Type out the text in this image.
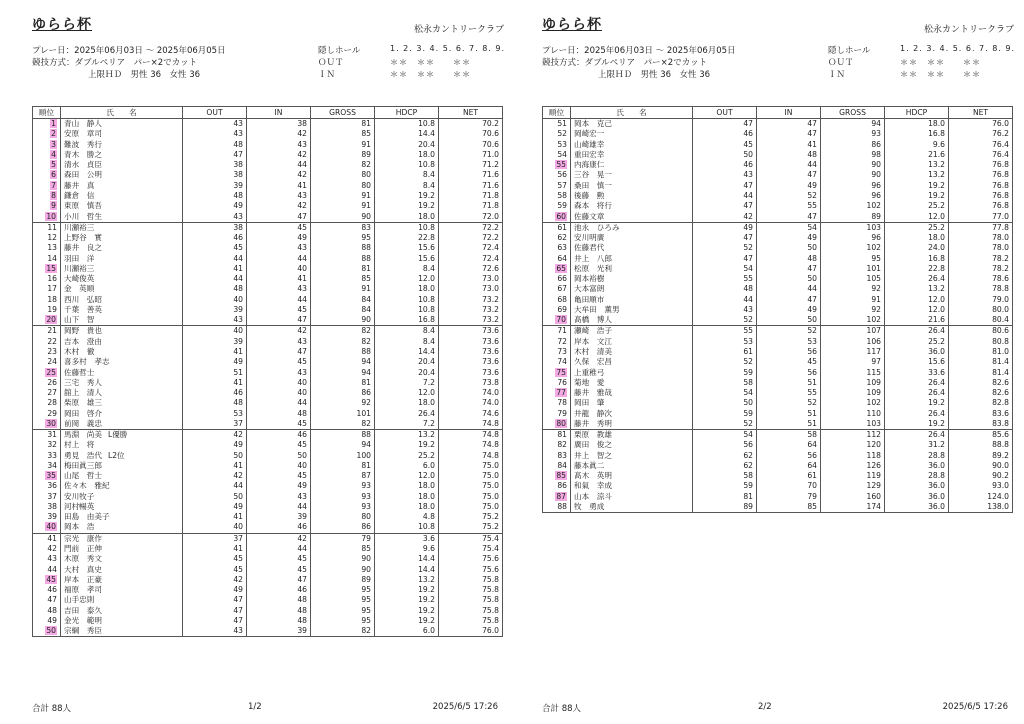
ゆらら杯	松永カントリークラブ
プレー日：2025年06月03日 ～ 2025年06月05日
競技方式：ダブルペリア　パー×2でカット
上限ＨＤ　男性 36　女性 36
隠しホール
ＯＵＴ
ＩＮ
1. 2. 3. 4. 5. 6. 7. 8. 9.
＊＊　＊＊　　＊＊
＊＊　＊＊　　＊＊
順位	氏　　名	OUT	IN	GROSS	HDCP	NET
1	青山　静人	43	38	81	10.8	70.2
2	安原　章司	43	42	85	14.4	70.6
3	難波　秀行	48	43	91	20.4	70.6
4	青木　勝之	47	42	89	18.0	71.0
5	清水　貞臣	38	44	82	10.8	71.2
6	森田　公明	38	42	80	8.4	71.6
7	藤井　真	39	41	80	8.4	71.6
8	鎌倉　信	48	43	91	19.2	71.8
9	東原　慎吾	49	42	91	19.2	71.8
10	小川　哲生	43	47	90	18.0	72.0
11	川瀬裕三	38	45	83	10.8	72.2
12	上野谷　實	46	49	95	22.8	72.2
13	藤井　良之	45	43	88	15.6	72.4
14	羽田　洋	44	44	88	15.6	72.4
15	川瀬裕三	41	40	81	8.4	72.6
16	大崎俊英	44	41	85	12.0	73.0
17	金　英順	48	43	91	18.0	73.0
18	西川　弘昭	40	44	84	10.8	73.2
19	千葉　善英	39	45	84	10.8	73.2
20	山下　智	43	47	90	16.8	73.2
21	岡野　貴也	40	42	82	8.4	73.6
22	吉本　澄由	39	43	82	8.4	73.6
23	木村　徹	41	47	88	14.4	73.6
24	喜多村　孝志	49	45	94	20.4	73.6
25	佐藤哲士	51	43	94	20.4	73.6
26	三宅　秀人	41	40	81	7.2	73.8
27	舘上　清人	46	40	86	12.0	74.0
28	柴原　雄三	48	44	92	18.0	74.0
29	岡田　啓介	53	48	101	26.4	74.6
30	前岡　義忠	37	45	82	7.2	74.8
31	馬淵　尚美 L優勝	42	46	88	13.2	74.8
32	村上　将	49	45	94	19.2	74.8
33	勇見　浩代 L2位	50	50	100	25.2	74.8
34	梅田眞三郎	41	40	81	6.0	75.0
35	山尾　哲士	42	45	87	12.0	75.0
36	佐々木　雅紀	44	49	93	18.0	75.0
37	安川牧子	50	43	93	18.0	75.0
38	河村暢英	49	44	93	18.0	75.0
39	田島　由美子	41	39	80	4.8	75.2
40	岡本　浩	40	46	86	10.8	75.2
41	宗光　康作	37	42	79	3.6	75.4
42	門前　正伸	41	44	85	9.6	75.4
43	木原　秀文	45	45	90	14.4	75.6
44	大村　真史	45	45	90	14.4	75.6
45	岸本　正豪	42	47	89	13.2	75.8
46	福原　孝司	49	46	95	19.2	75.8
47	山手忠則	47	48	95	19.2	75.8
48	吉田　泰久	47	48	95	19.2	75.8
49	金光　範明	47	48	95	19.2	75.8
50	宗綱　秀臣	43	39	82	6.0	76.0
合計 88人	1/2	2025/6/5 17:26
ゆらら杯	松永カントリークラブ
プレー日：2025年06月03日 ～ 2025年06月05日
競技方式：ダブルペリア　パー×2でカット
上限ＨＤ　男性 36　女性 36
隠しホール
ＯＵＴ
ＩＮ
1. 2. 3. 4. 5. 6. 7. 8. 9.
＊＊　＊＊　　＊＊
＊＊　＊＊　　＊＊
順位	氏　　名	OUT	IN	GROSS	HDCP	NET
51	岡本　克己	47	47	94	18.0	76.0
52	岡崎宏一	46	47	93	16.8	76.2
53	山崎雄幸	45	41	86	9.6	76.4
54	重田宏幸	50	48	98	21.6	76.4
55	内海康仁	46	44	90	13.2	76.8
56	三谷　晃一	43	47	90	13.2	76.8
57	桑田　慎一	47	49	96	19.2	76.8
58	後藤　勲	44	52	96	19.2	76.8
59	森本　将行	47	55	102	25.2	76.8
60	佐藤文章	42	47	89	12.0	77.0
61	池永　ひろみ	49	54	103	25.2	77.8
62	安川明廣	47	49	96	18.0	78.0
63	佐藤君代	52	50	102	24.0	78.0
64	井上　八郎	47	48	95	16.8	78.2
65	松原　光利	54	47	101	22.8	78.2
66	岡本裕樹	55	50	105	26.4	78.6
67	大本富朗	48	44	92	13.2	78.8
68	亀田順市	44	47	91	12.0	79.0
69	大牟田　薫男	43	49	92	12.0	80.0
70	髙橋　博人	52	50	102	21.6	80.4
71	瀬崎　浩子	55	52	107	26.4	80.6
72	岸本　文江	53	53	106	25.2	80.8
73	木村　清美	61	56	117	36.0	81.0
74	久保　宏昌	52	45	97	15.6	81.4
75	上重稚弓	59	56	115	33.6	81.4
76	菊地　愛	58	51	109	26.4	82.6
77	藤井　雅哉	54	55	109	26.4	82.6
78	岡田　肇	50	52	102	19.2	82.8
79	井龍　静次	59	51	110	26.4	83.6
80	藤井　秀明	52	51	103	19.2	83.8
81	栗原　教雄	54	58	112	26.4	85.6
82	廣田　俊之	56	64	120	31.2	88.8
83	井上　智之	62	56	118	28.8	89.2
84	藤本眞二	62	64	126	36.0	90.0
85	髙木　英明	58	61	119	28.8	90.2
86	和氣　幸成	59	70	129	36.0	93.0
87	山本　涼斗	81	79	160	36.0	124.0
88	牧　勇成	89	85	174	36.0	138.0
合計 88人	2/2	2025/6/5 17:26
